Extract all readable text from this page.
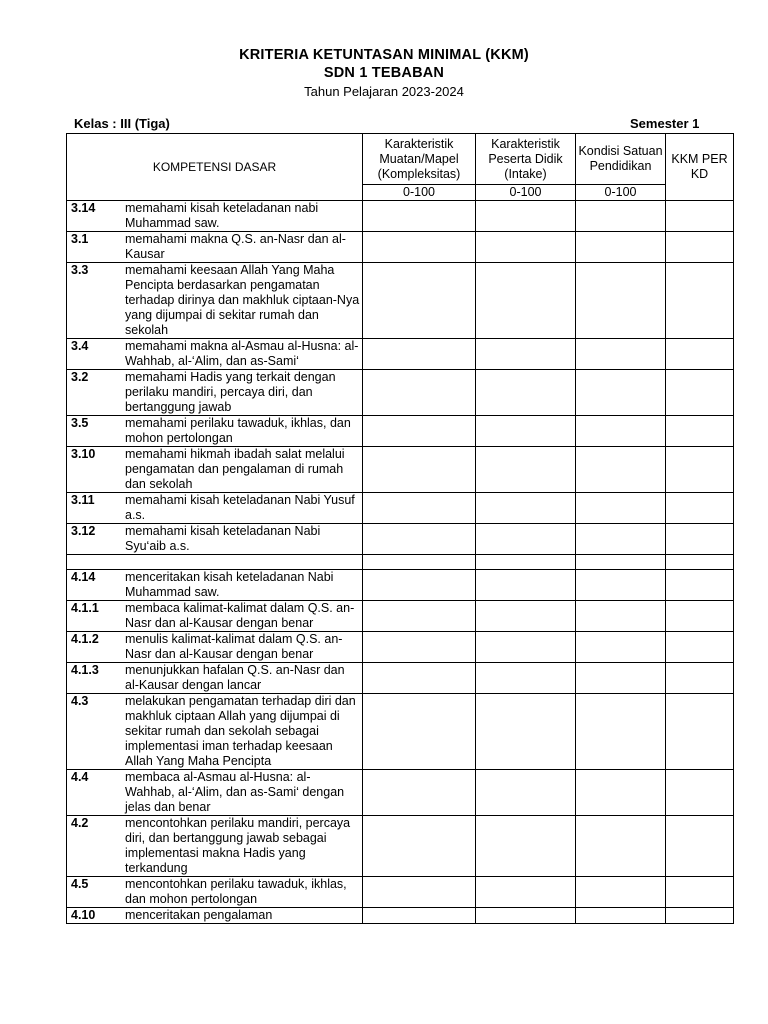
KRITERIA KETUNTASAN MINIMAL (KKM)
SDN 1 TEBABAN
Tahun Pelajaran 2023-2024
Kelas : III (Tiga)	Semester 1
KOMPETENSI DASAR	Karakteristik Muatan/Mapel (Kompleksitas)	Karakteristik Peserta Didik (Intake)	Kondisi Satuan Pendidikan	KKM PER KD
	0-100	0-100	0-100	

3.14 memahami kisah keteladanan nabi Muhammad saw.				

3.1 memahami makna Q.S. an-Nasr dan al-Kausar				

3.3 memahami keesaan Allah Yang Maha Pencipta berdasarkan pengamatan terhadap dirinya dan makhluk ciptaan-Nya yang dijumpai di sekitar rumah dan sekolah				

3.4 memahami makna al-Asmau al-Husna: al-Wahhab, al-‘Alim, dan as-Sami‘				

3.2 memahami Hadis yang terkait dengan perilaku mandiri, percaya diri, dan bertanggung jawab				

3.5 memahami perilaku tawaduk, ikhlas, dan mohon pertolongan				

3.10 memahami hikmah ibadah salat melalui pengamatan dan pengalaman di rumah dan sekolah				

3.11 memahami kisah keteladanan Nabi Yusuf a.s.				

3.12 memahami kisah keteladanan Nabi Syu‘aib a.s.				

4.14 menceritakan kisah keteladanan Nabi Muhammad saw.				

4.1.1 membaca kalimat-kalimat dalam Q.S. an-Nasr dan al-Kausar dengan benar				

4.1.2 menulis kalimat-kalimat dalam Q.S. an-Nasr dan al-Kausar dengan benar				

4.1.3 menunjukkan hafalan Q.S. an-Nasr dan al-Kausar dengan lancar				

4.3 melakukan pengamatan terhadap diri dan makhluk ciptaan Allah yang dijumpai di sekitar rumah dan sekolah sebagai implementasi iman terhadap keesaan Allah Yang Maha Pencipta				

4.4 membaca al-Asmau al-Husna: al-Wahhab, al-‘Alim, dan as-Sami‘ dengan jelas dan benar				

4.2 mencontohkan perilaku mandiri, percaya diri, dan bertanggung jawab sebagai implementasi makna Hadis yang terkandung				

4.5 mencontohkan perilaku tawaduk, ikhlas, dan mohon pertolongan				

4.10 menceritakan pengalaman				
